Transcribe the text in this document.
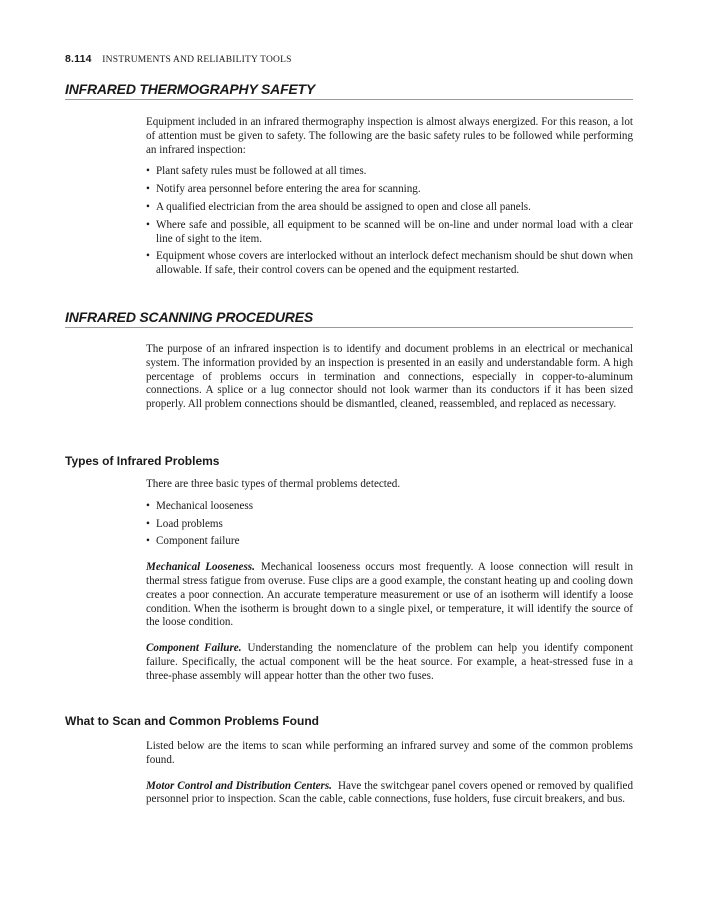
8.114 INSTRUMENTS AND RELIABILITY TOOLS
INFRARED THERMOGRAPHY SAFETY

Equipment included in an infrared thermography inspection is almost always energized. For this reason, a lot of attention must be given to safety. The following are the basic safety rules to be followed while performing an infrared inspection:

• Plant safety rules must be followed at all times.
• Notify area personnel before entering the area for scanning.
• A qualified electrician from the area should be assigned to open and close all panels.
• Where safe and possible, all equipment to be scanned will be on-line and under normal load with a clear line of sight to the item.
• Equipment whose covers are interlocked without an interlock defect mechanism should be shut down when allowable. If safe, their control covers can be opened and the equipment restarted.
INFRARED SCANNING PROCEDURES

The purpose of an infrared inspection is to identify and document problems in an electrical or mechanical system. The information provided by an inspection is presented in an easily and understandable form. A high percentage of problems occurs in termination and connections, especially in copper-to-aluminum connections. A splice or a lug connector should not look warmer than its conductors if it has been sized properly. All problem connections should be dismantled, cleaned, reassembled, and replaced as necessary.

Types of Infrared Problems

There are three basic types of thermal problems detected.

• Mechanical looseness
• Load problems
• Component failure

Mechanical Looseness. Mechanical looseness occurs most frequently. A loose connection will result in thermal stress fatigue from overuse. Fuse clips are a good example, the constant heating up and cooling down creates a poor connection. An accurate temperature measurement or use of an isotherm will identify a loose condition. When the isotherm is brought down to a single pixel, or temperature, it will identify the source of the loose condition.

Component Failure. Understanding the nomenclature of the problem can help you identify component failure. Specifically, the actual component will be the heat source. For example, a heat-stressed fuse in a three-phase assembly will appear hotter than the other two fuses.

What to Scan and Common Problems Found

Listed below are the items to scan while performing an infrared survey and some of the common problems found.

Motor Control and Distribution Centers. Have the switchgear panel covers opened or removed by qualified personnel prior to inspection. Scan the cable, cable connections, fuse holders, fuse circuit breakers, and bus.
